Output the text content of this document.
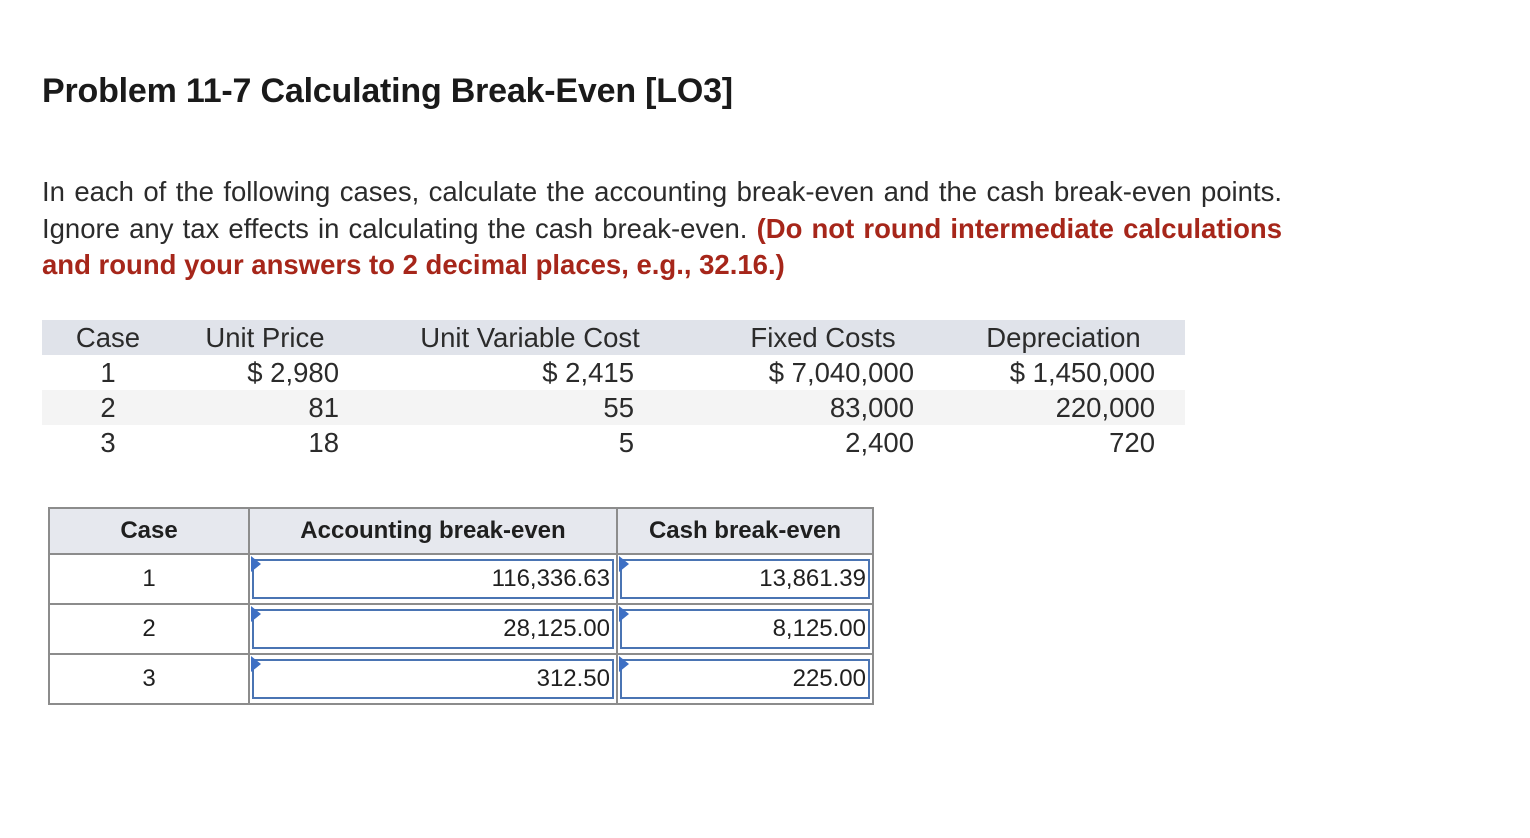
Problem 11-7 Calculating Break-Even [LO3]
In each of the following cases, calculate the accounting break-even and the cash break-even points. Ignore any tax effects in calculating the cash break-even. (Do not round intermediate calculations and round your answers to 2 decimal places, e.g., 32.16.)
Case	Unit Price	Unit Variable Cost	Fixed Costs	Depreciation
1	$ 2,980	$ 2,415	$ 7,040,000	$ 1,450,000
2	81	55	83,000	220,000
3	18	5	2,400	720
Case	Accounting break-even	Cash break-even
1	116,336.63	13,861.39

2	28,125.00	8,125.00

3	312.50	225.00
